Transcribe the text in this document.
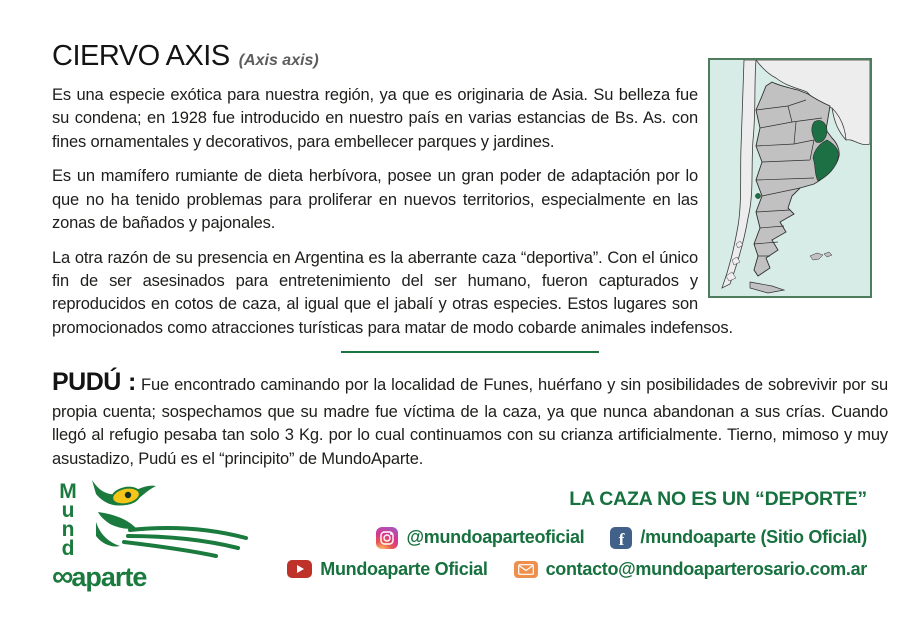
CIERVO AXIS (Axis axis)

Es una especie exótica para nuestra región, ya que es originaria de Asia. Su belleza fue su condena; en 1928 fue introducido en nuestro país en varias estancias de Bs. As. con fines ornamentales y decorativos, para embellecer parques y jardines.

Es un mamífero rumiante de dieta herbívora, posee un gran poder de adaptación por lo que no ha tenido problemas para proliferar en nuevos territorios, especialmente en las zonas de bañados y pajonales.

La otra razón de su presencia en Argentina es la aberrante caza “deportiva”. Con el único fin de ser asesinados para entretenimiento del ser humano, fueron capturados y reproducidos en cotos de caza, al igual que el jabalí y otras especies. Estos lugares son promocionados como atracciones turísticas para matar de modo cobarde animales indefensos.

PUDÚ : Fue encontrado caminando por la localidad de Funes, huérfano y sin posibilidades de sobrevivir por su propia cuenta; sospechamos que su madre fue víctima de la caza, ya que nunca abandonan a sus crías. Cuando llegó al refugio pesaba tan solo 3 Kg. por lo cual continuamos con su crianza artificialmente. Tierno, mimoso y muy asustadizo, Pudú es el “principito” de MundoAparte.

M
u
n
d
∞aparte
LA CAZA NO ES UN “DEPORTE”
@mundoaparteoficial	f /mundoaparte (Sitio Oficial)
Mundoaparte Oficial	contacto@mundoaparterosario.com.ar
